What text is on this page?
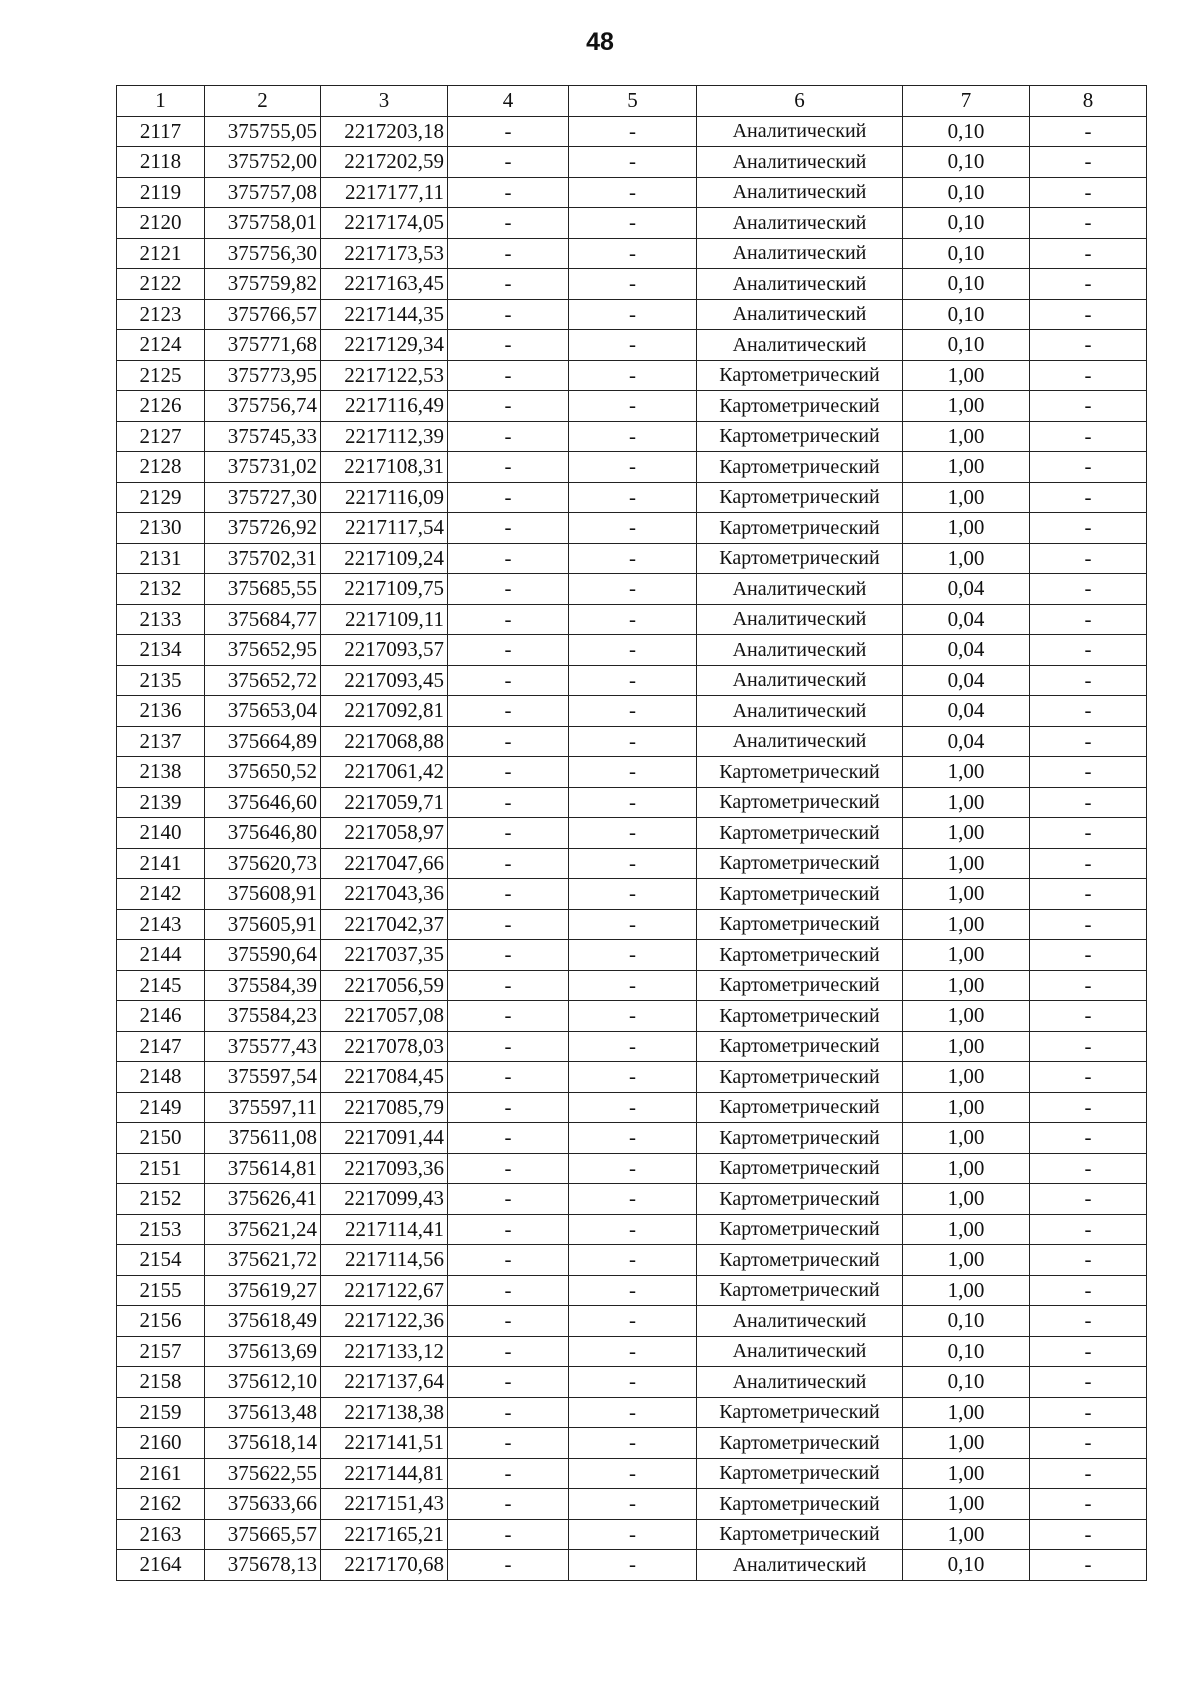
48
1	2	3	4	5	6	7	8
2117	375755,05	2217203,18	-	-	Аналитический	0,10	-
2118	375752,00	2217202,59	-	-	Аналитический	0,10	-
2119	375757,08	2217177,11	-	-	Аналитический	0,10	-
2120	375758,01	2217174,05	-	-	Аналитический	0,10	-
2121	375756,30	2217173,53	-	-	Аналитический	0,10	-
2122	375759,82	2217163,45	-	-	Аналитический	0,10	-
2123	375766,57	2217144,35	-	-	Аналитический	0,10	-
2124	375771,68	2217129,34	-	-	Аналитический	0,10	-
2125	375773,95	2217122,53	-	-	Картометрический	1,00	-
2126	375756,74	2217116,49	-	-	Картометрический	1,00	-
2127	375745,33	2217112,39	-	-	Картометрический	1,00	-
2128	375731,02	2217108,31	-	-	Картометрический	1,00	-
2129	375727,30	2217116,09	-	-	Картометрический	1,00	-
2130	375726,92	2217117,54	-	-	Картометрический	1,00	-
2131	375702,31	2217109,24	-	-	Картометрический	1,00	-
2132	375685,55	2217109,75	-	-	Аналитический	0,04	-
2133	375684,77	2217109,11	-	-	Аналитический	0,04	-
2134	375652,95	2217093,57	-	-	Аналитический	0,04	-
2135	375652,72	2217093,45	-	-	Аналитический	0,04	-
2136	375653,04	2217092,81	-	-	Аналитический	0,04	-
2137	375664,89	2217068,88	-	-	Аналитический	0,04	-
2138	375650,52	2217061,42	-	-	Картометрический	1,00	-
2139	375646,60	2217059,71	-	-	Картометрический	1,00	-
2140	375646,80	2217058,97	-	-	Картометрический	1,00	-
2141	375620,73	2217047,66	-	-	Картометрический	1,00	-
2142	375608,91	2217043,36	-	-	Картометрический	1,00	-
2143	375605,91	2217042,37	-	-	Картометрический	1,00	-
2144	375590,64	2217037,35	-	-	Картометрический	1,00	-
2145	375584,39	2217056,59	-	-	Картометрический	1,00	-
2146	375584,23	2217057,08	-	-	Картометрический	1,00	-
2147	375577,43	2217078,03	-	-	Картометрический	1,00	-
2148	375597,54	2217084,45	-	-	Картометрический	1,00	-
2149	375597,11	2217085,79	-	-	Картометрический	1,00	-
2150	375611,08	2217091,44	-	-	Картометрический	1,00	-
2151	375614,81	2217093,36	-	-	Картометрический	1,00	-
2152	375626,41	2217099,43	-	-	Картометрический	1,00	-
2153	375621,24	2217114,41	-	-	Картометрический	1,00	-
2154	375621,72	2217114,56	-	-	Картометрический	1,00	-
2155	375619,27	2217122,67	-	-	Картометрический	1,00	-
2156	375618,49	2217122,36	-	-	Аналитический	0,10	-
2157	375613,69	2217133,12	-	-	Аналитический	0,10	-
2158	375612,10	2217137,64	-	-	Аналитический	0,10	-
2159	375613,48	2217138,38	-	-	Картометрический	1,00	-
2160	375618,14	2217141,51	-	-	Картометрический	1,00	-
2161	375622,55	2217144,81	-	-	Картометрический	1,00	-
2162	375633,66	2217151,43	-	-	Картометрический	1,00	-
2163	375665,57	2217165,21	-	-	Картометрический	1,00	-
2164	375678,13	2217170,68	-	-	Аналитический	0,10	-
